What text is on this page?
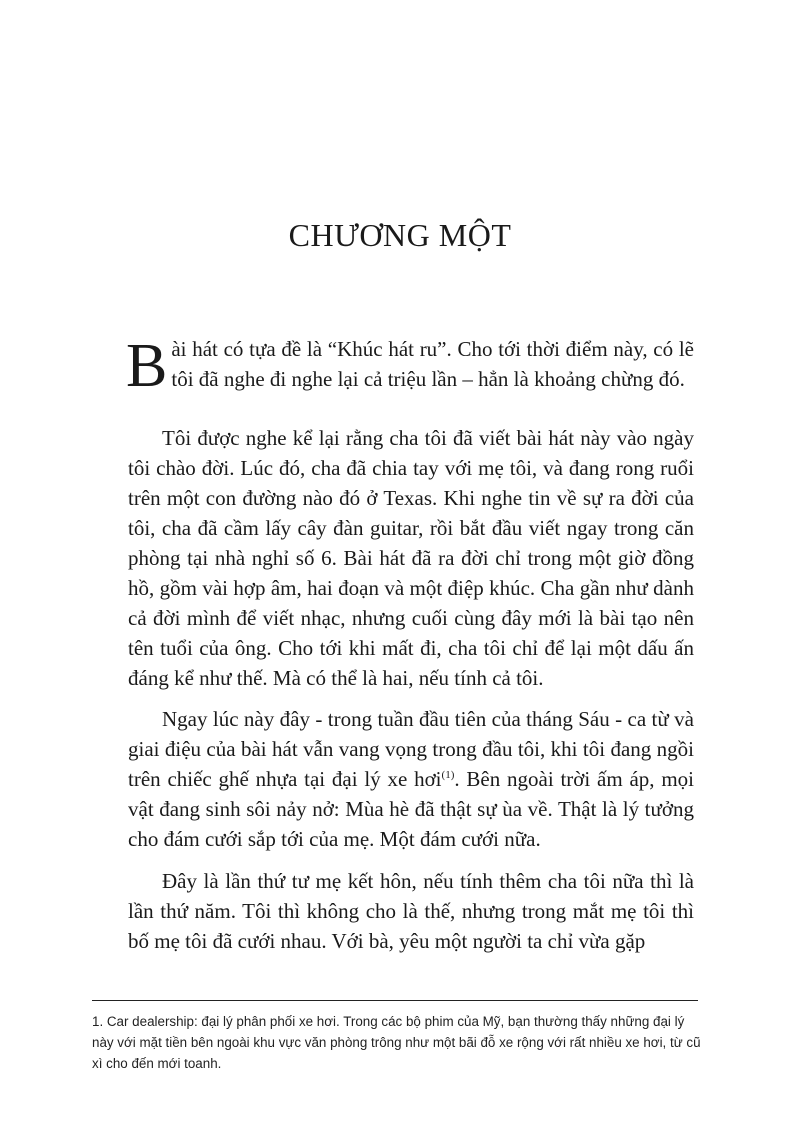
CHƯƠNG MỘT

Bài hát có tựa đề là “Khúc hát ru”. Cho tới thời điểm này, có lẽ tôi đã nghe đi nghe lại cả triệu lần – hẳn là khoảng chừng đó.

Tôi được nghe kể lại rằng cha tôi đã viết bài hát này vào ngày tôi chào đời. Lúc đó, cha đã chia tay với mẹ tôi, và đang rong ruổi trên một con đường nào đó ở Texas. Khi nghe tin về sự ra đời của tôi, cha đã cầm lấy cây đàn guitar, rồi bắt đầu viết ngay trong căn phòng tại nhà nghỉ số 6. Bài hát đã ra đời chỉ trong một giờ đồng hồ, gồm vài hợp âm, hai đoạn và một điệp khúc. Cha gần như dành cả đời mình để viết nhạc, nhưng cuối cùng đây mới là bài tạo nên tên tuổi của ông. Cho tới khi mất đi, cha tôi chỉ để lại một dấu ấn đáng kể như thế. Mà có thể là hai, nếu tính cả tôi.

Ngay lúc này đây - trong tuần đầu tiên của tháng Sáu - ca từ và giai điệu của bài hát vẫn vang vọng trong đầu tôi, khi tôi đang ngồi trên chiếc ghế nhựa tại đại lý xe hơi$^{(1)}$. Bên ngoài trời ấm áp, mọi vật đang sinh sôi nảy nở: Mùa hè đã thật sự ùa về. Thật là lý tưởng cho đám cưới sắp tới của mẹ. Một đám cưới nữa.

Đây là lần thứ tư mẹ kết hôn, nếu tính thêm cha tôi nữa thì là lần thứ năm. Tôi thì không cho là thế, nhưng trong mắt mẹ tôi thì bố mẹ tôi đã cưới nhau. Với bà, yêu một người ta chỉ vừa gặp

1. Car dealership: đại lý phân phối xe hơi. Trong các bộ phim của Mỹ, bạn thường thấy những đại lý này với mặt tiền bên ngoài khu vực văn phòng trông như một bãi đỗ xe rộng với rất nhiều xe hơi, từ cũ xì cho đến mới toanh.
